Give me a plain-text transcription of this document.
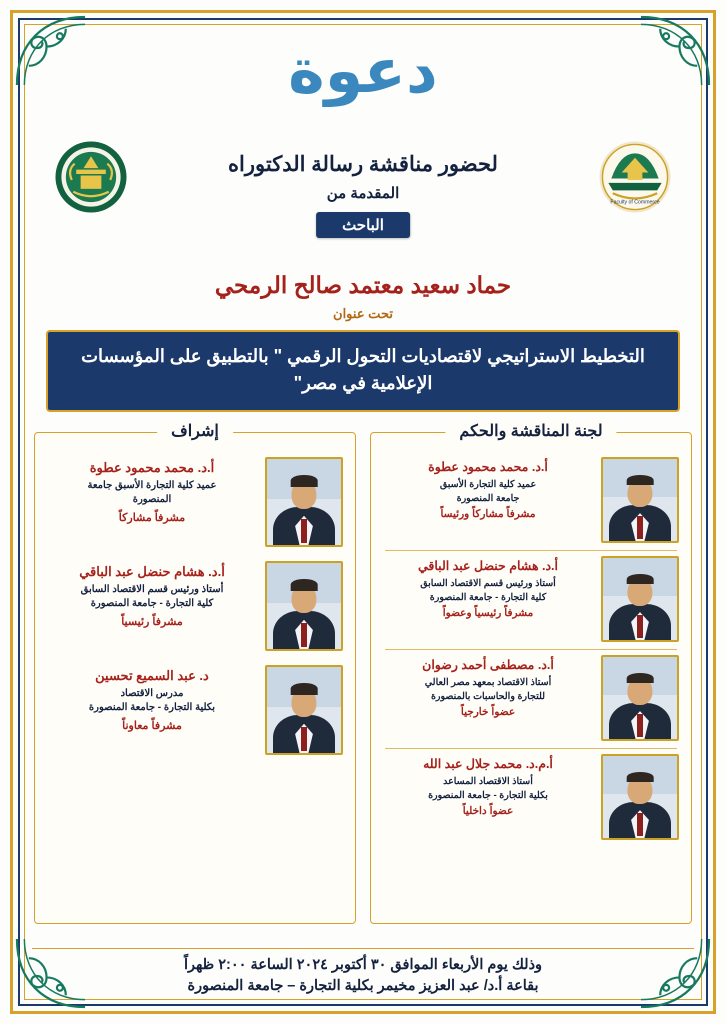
دعوة
لحضور مناقشة رسالة الدكتوراه
المقدمة من
الباحث
Faculty of Commerce
حماد سعيد معتمد صالح الرمحي
تحت عنوان
التخطيط الاستراتيجي لاقتصاديات التحول الرقمي " بالتطبيق على المؤسسات الإعلامية في مصر"
لجنة المناقشة والحكم
أ.د. محمد محمود عطوة
عميد كلية التجارة الأسبق
جامعة المنصورة
مشرفاً مشاركاً ورئيساً
أ.د. هشام حنضل عبد الباقي
أستاذ ورئيس قسم الاقتصاد السابق
كلية التجارة - جامعة المنصورة
مشرفاً رئيسياً وعضواً
أ.د. مصطفى أحمد رضوان
أستاذ الاقتصاد بمعهد مصر العالي
للتجارة والحاسبات بالمنصورة
عضواً خارجياً
أ.م.د. محمد جلال عبد الله
أستاذ الاقتصاد المساعد
بكلية التجارة - جامعة المنصورة
عضواً داخلياً
إشراف
أ.د. محمد محمود عطوة
عميد كلية التجارة الأسبق جامعة
المنصورة
مشرفاً مشاركاً
أ.د. هشام حنضل عبد الباقي
أستاذ ورئيس قسم الاقتصاد السابق
كلية التجارة - جامعة المنصورة
مشرفاً رئيسياً
د. عبد السميع تحسين
مدرس الاقتصاد
بكلية التجارة - جامعة المنصورة
مشرفاً معاوناً
وذلك يوم الأربعاء الموافق ٣٠ أكتوبر ٢٠٢٤ الساعة ٢:٠٠ ظهراً
بقاعة أ.د/ عبد العزيز مخيمر بكلية التجارة – جامعة المنصورة
